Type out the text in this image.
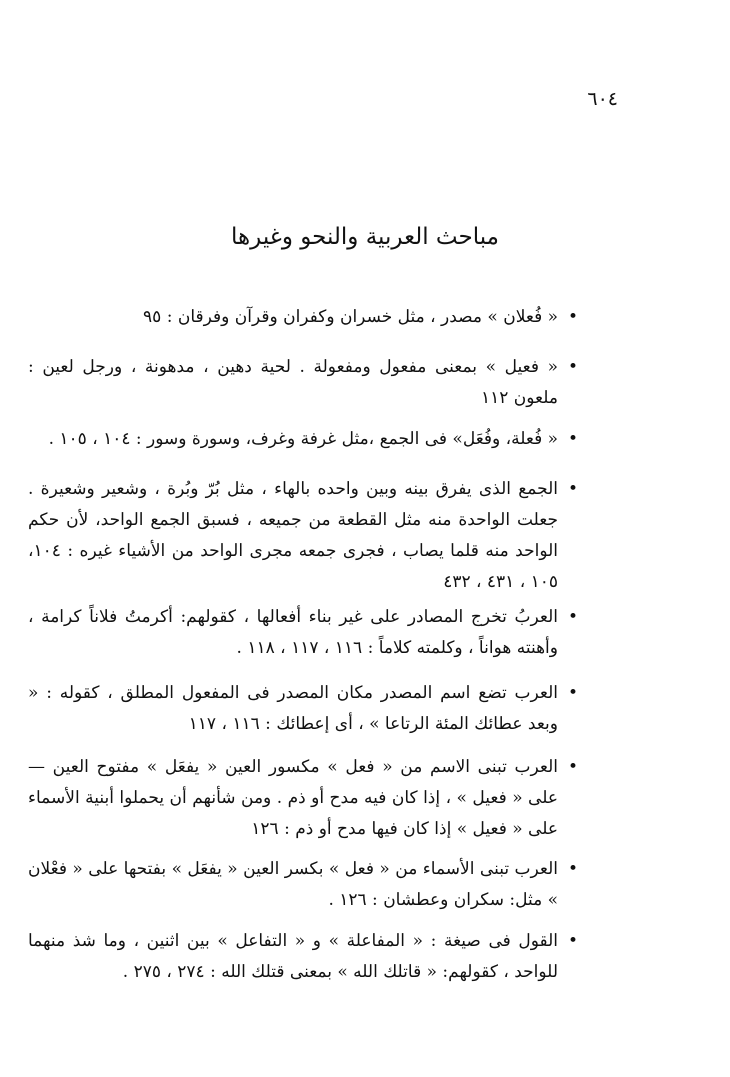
٦٠٤
مباحث العربية والنحو وغيرها
•
« فُعلان » مصدر ، مثل خسران وكفران وقرآن وفرقان : ٩٥
•
« فعيل » بمعنى مفعول ومفعولة . لحية دهين ، مدهونة ، ورجل لعين : ملعون ١١٢
•
« فُعلة، وفُعَل» فى الجمع ،مثل غرفة وغرف، وسورة وسور : ١٠٤ ، ١٠٥ .
•
الجمع الذى يفرق بينه وبين واحده بالهاء ، مثل بُرّ وبُرة ، وشعير وشعيرة . جعلت الواحدة منه مثل القطعة من جميعه ، فسبق الجمع الواحد، لأن حكم الواحد منه قلما يصاب ، فجرى جمعه مجرى الواحد من الأشياء غيره : ١٠٤، ١٠٥ ، ٤٣١ ، ٤٣٢
•
العربُ تخرج المصادر على غير بناء أفعالها ، كقولهم: أكرمتُ فلاناً كرامة ، وأهنته هواناً ، وكلمته كلاماً : ١١٦ ، ١١٧ ، ١١٨ .
•
العرب تضع اسم المصدر مكان المصدر فى المفعول المطلق ، كقوله : « وبعد عطائك المئة الرتاعا » ، أى إعطائك : ١١٦ ، ١١٧
•
العرب تبنى الاسم من « فعل » مكسور العين « يفعَل » مفتوح العين — على « فعيل » ، إذا كان فيه مدح أو ذم . ومن شأنهم أن يحملوا أبنية الأسماء على « فعيل » إذا كان فيها مدح أو ذم : ١٢٦
•
العرب تبنى الأسماء من « فعل » بكسر العين « يفعَل » بفتحها على « فعْلان » مثل: سكران وعطشان : ١٢٦ .
•
القول فى صيغة : « المفاعلة » و « التفاعل » بين اثنين ، وما شذ منهما للواحد ، كقولهم: « قاتلك الله » بمعنى قتلك الله : ٢٧٤ ، ٢٧٥ .
